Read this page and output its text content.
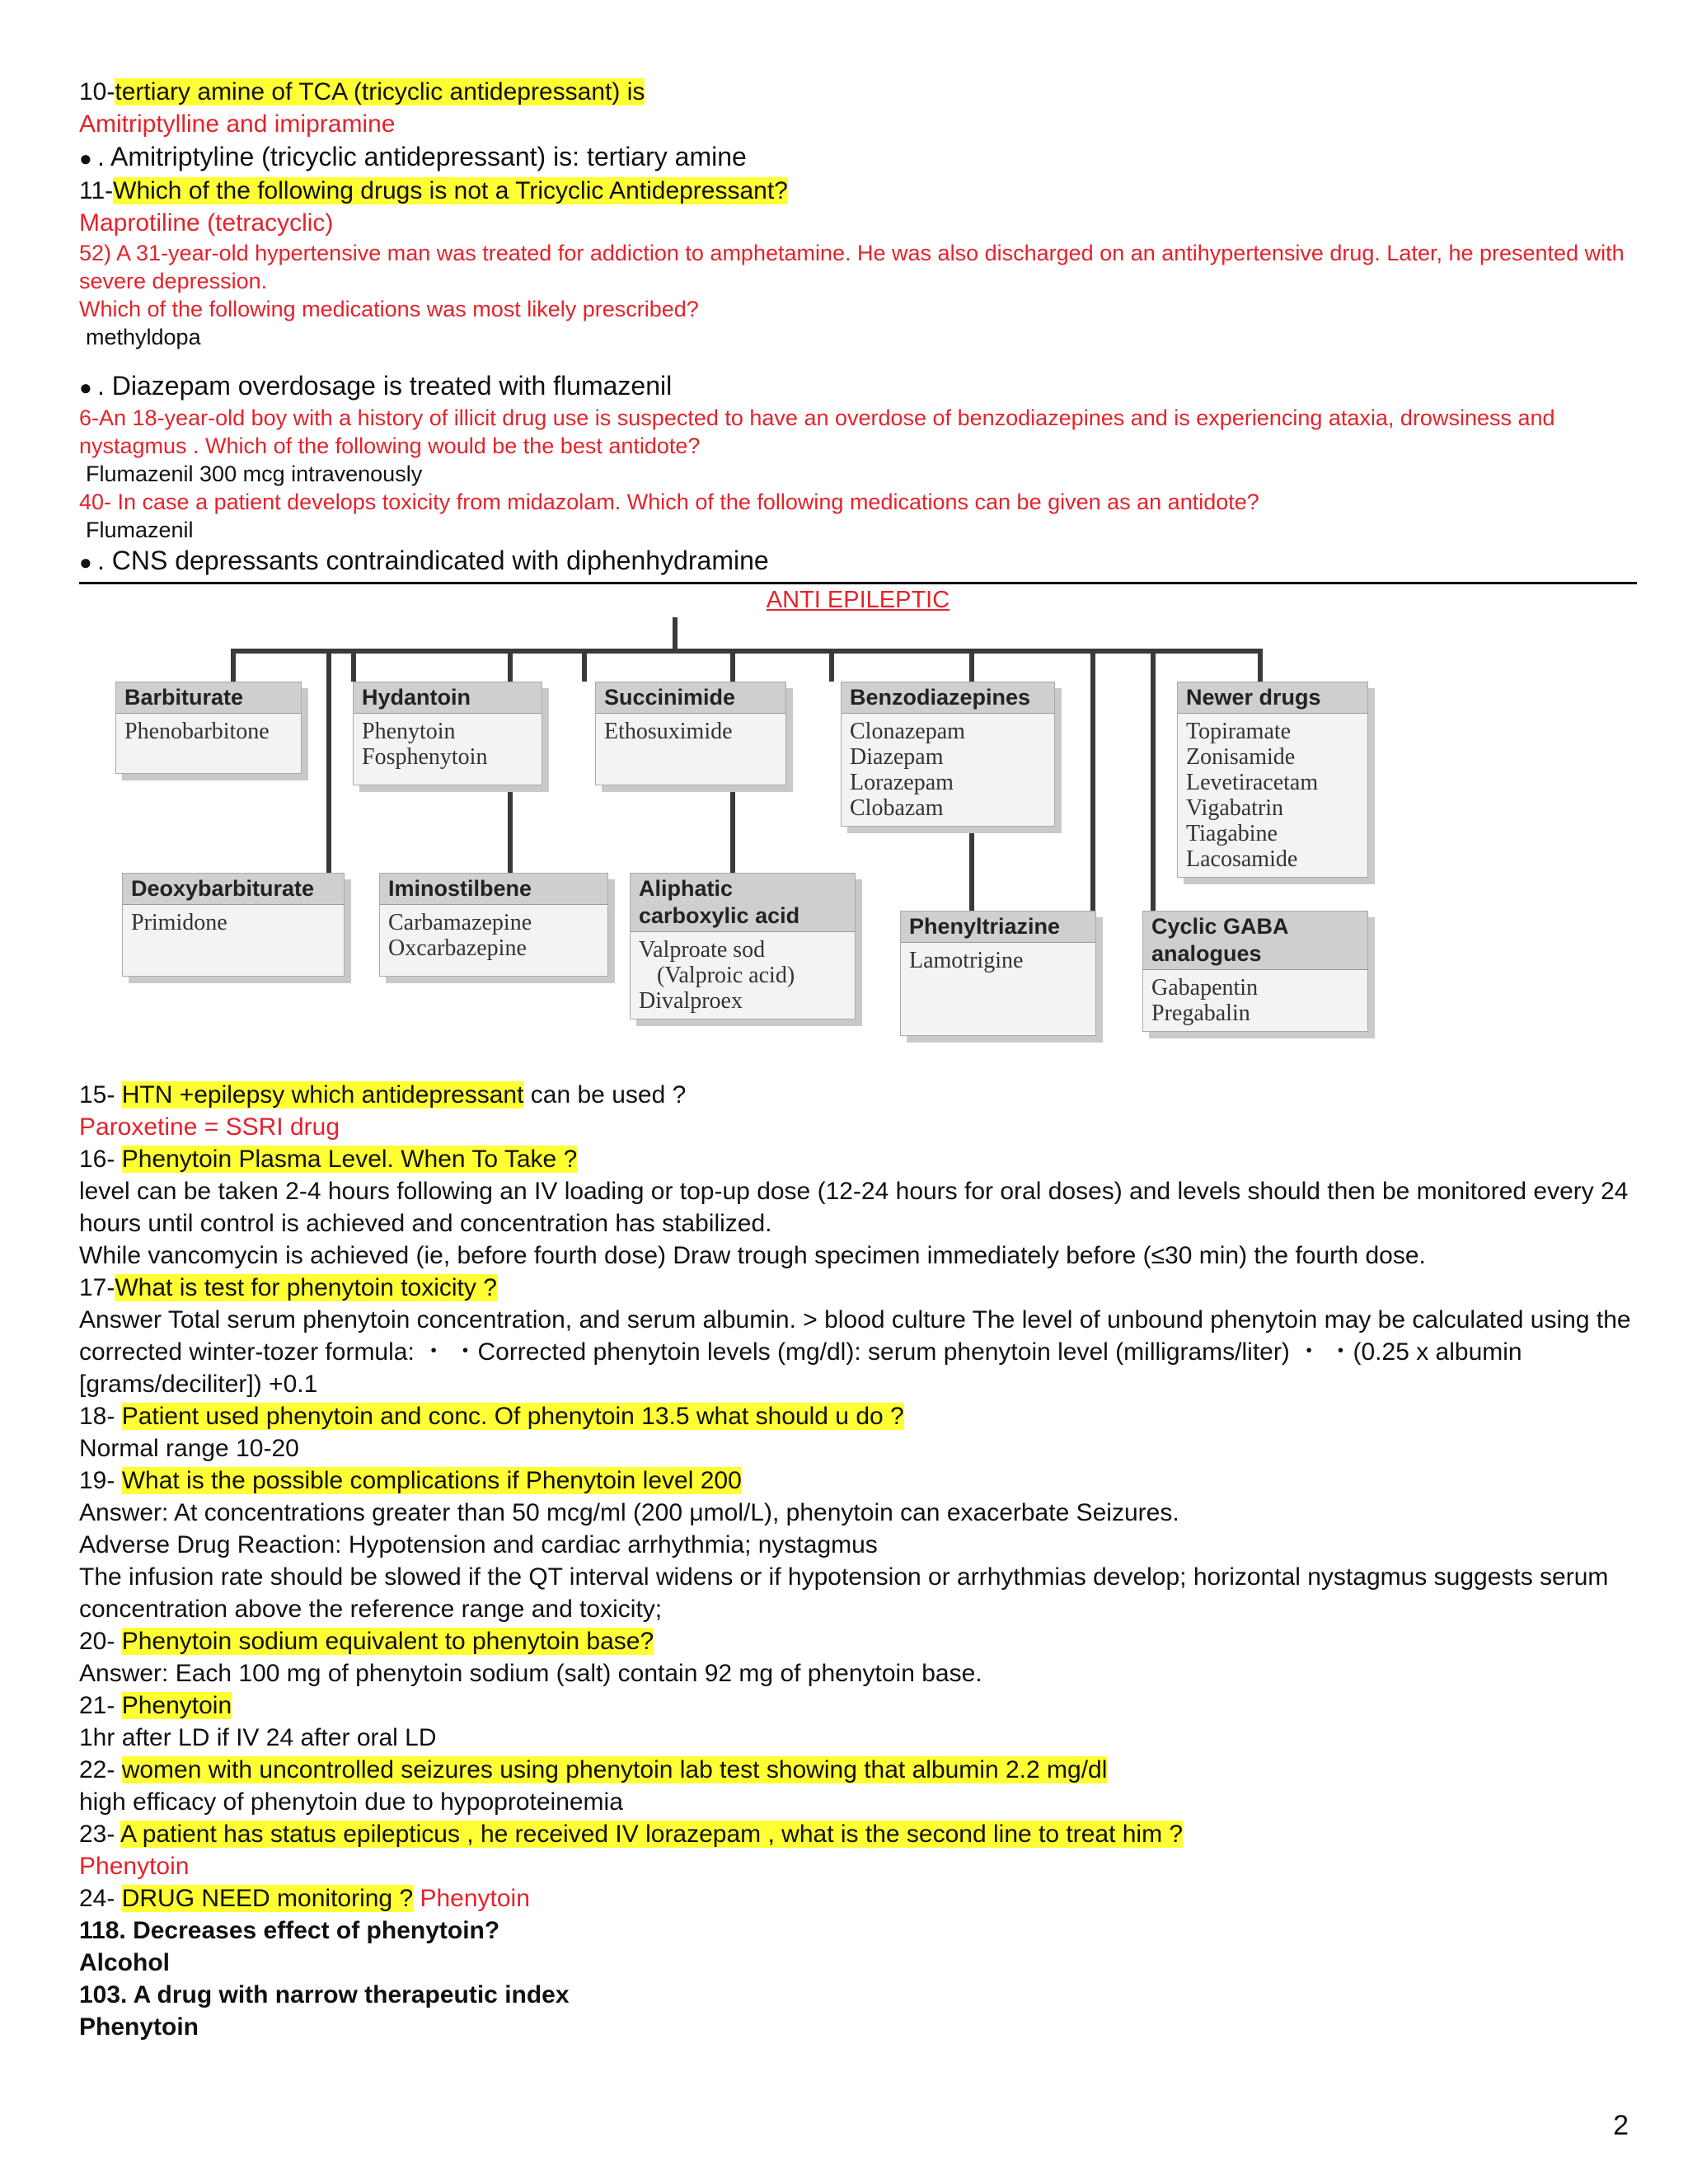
10-tertiary amine of TCA (tricyclic antidepressant) is
Amitriptylline and imipramine
● . Amitriptyline (tricyclic antidepressant) is: tertiary amine
11-Which of the following drugs is not a Tricyclic Antidepressant?
Maprotiline (tetracyclic)
52) A 31-year-old hypertensive man was treated for addiction to amphetamine. He was also discharged on an antihypertensive drug. Later, he presented with severe depression.
Which of the following medications was most likely prescribed?
methyldopa
● . Diazepam overdosage is treated with flumazenil
6-An 18-year-old boy with a history of illicit drug use is suspected to have an overdose of benzodiazepines and is experiencing ataxia, drowsiness and nystagmus . Which of the following would be the best antidote?
Flumazenil 300 mcg intravenously
40- In case a patient develops toxicity from midazolam. Which of the following medications can be given as an antidote?
Flumazenil
● . CNS depressants contraindicated with diphenhydramine
ANTI EPILEPTIC
Barbiturate
Phenobarbitone
Hydantoin
Phenytoin
Fosphenytoin
Succinimide
Ethosuximide
Benzodiazepines
Clonazepam
Diazepam
Lorazepam
Clobazam
Newer drugs
Topiramate
Zonisamide
Levetiracetam
Vigabatrin
Tiagabine
Lacosamide
Deoxybarbiturate
Primidone
Iminostilbene
Carbamazepine
Oxcarbazepine
Aliphatic
carboxylic acid
Valproate sod
(Valproic acid)
Divalproex
Phenyltriazine
Lamotrigine
Cyclic GABA
analogues
Gabapentin
Pregabalin
15- HTN +epilepsy which antidepressant can be used ?
Paroxetine = SSRI drug
16- Phenytoin Plasma Level. When To Take ?
level can be taken 2-4 hours following an IV loading or top-up dose (12-24 hours for oral doses) and levels should then be monitored every 24 hours until control is achieved and concentration has stabilized.
While vancomycin is achieved (ie, before fourth dose) Draw trough specimen immediately before (≤30 min) the fourth dose.
17-What is test for phenytoin toxicity ?
Answer Total serum phenytoin concentration, and serum albumin. > blood culture The level of unbound phenytoin may be calculated using the corrected winter-tozer formula: ・ ・Corrected phenytoin levels (mg/dl): serum phenytoin level (milligrams/liter) ・ ・(0.25 x albumin [grams/deciliter]) +0.1
18- Patient used phenytoin and conc. Of phenytoin 13.5 what should u do ?
Normal range 10-20
19- What is the possible complications if Phenytoin level 200
Answer: At concentrations greater than 50 mcg/ml (200 μmol/L), phenytoin can exacerbate Seizures.
Adverse Drug Reaction: Hypotension and cardiac arrhythmia; nystagmus
The infusion rate should be slowed if the QT interval widens or if hypotension or arrhythmias develop; horizontal nystagmus suggests serum concentration above the reference range and toxicity;
20- Phenytoin sodium equivalent to phenytoin base?
Answer: Each 100 mg of phenytoin sodium (salt) contain 92 mg of phenytoin base.
21- Phenytoin
1hr after LD if IV 24 after oral LD
22- women with uncontrolled seizures using phenytoin lab test showing that albumin 2.2 mg/dl
high efficacy of phenytoin due to hypoproteinemia
23- A patient has status epilepticus , he received IV lorazepam , what is the second line to treat him ?
Phenytoin
24- DRUG NEED monitoring ? Phenytoin
118. Decreases effect of phenytoin?
Alcohol
103. A drug with narrow therapeutic index
Phenytoin
2
